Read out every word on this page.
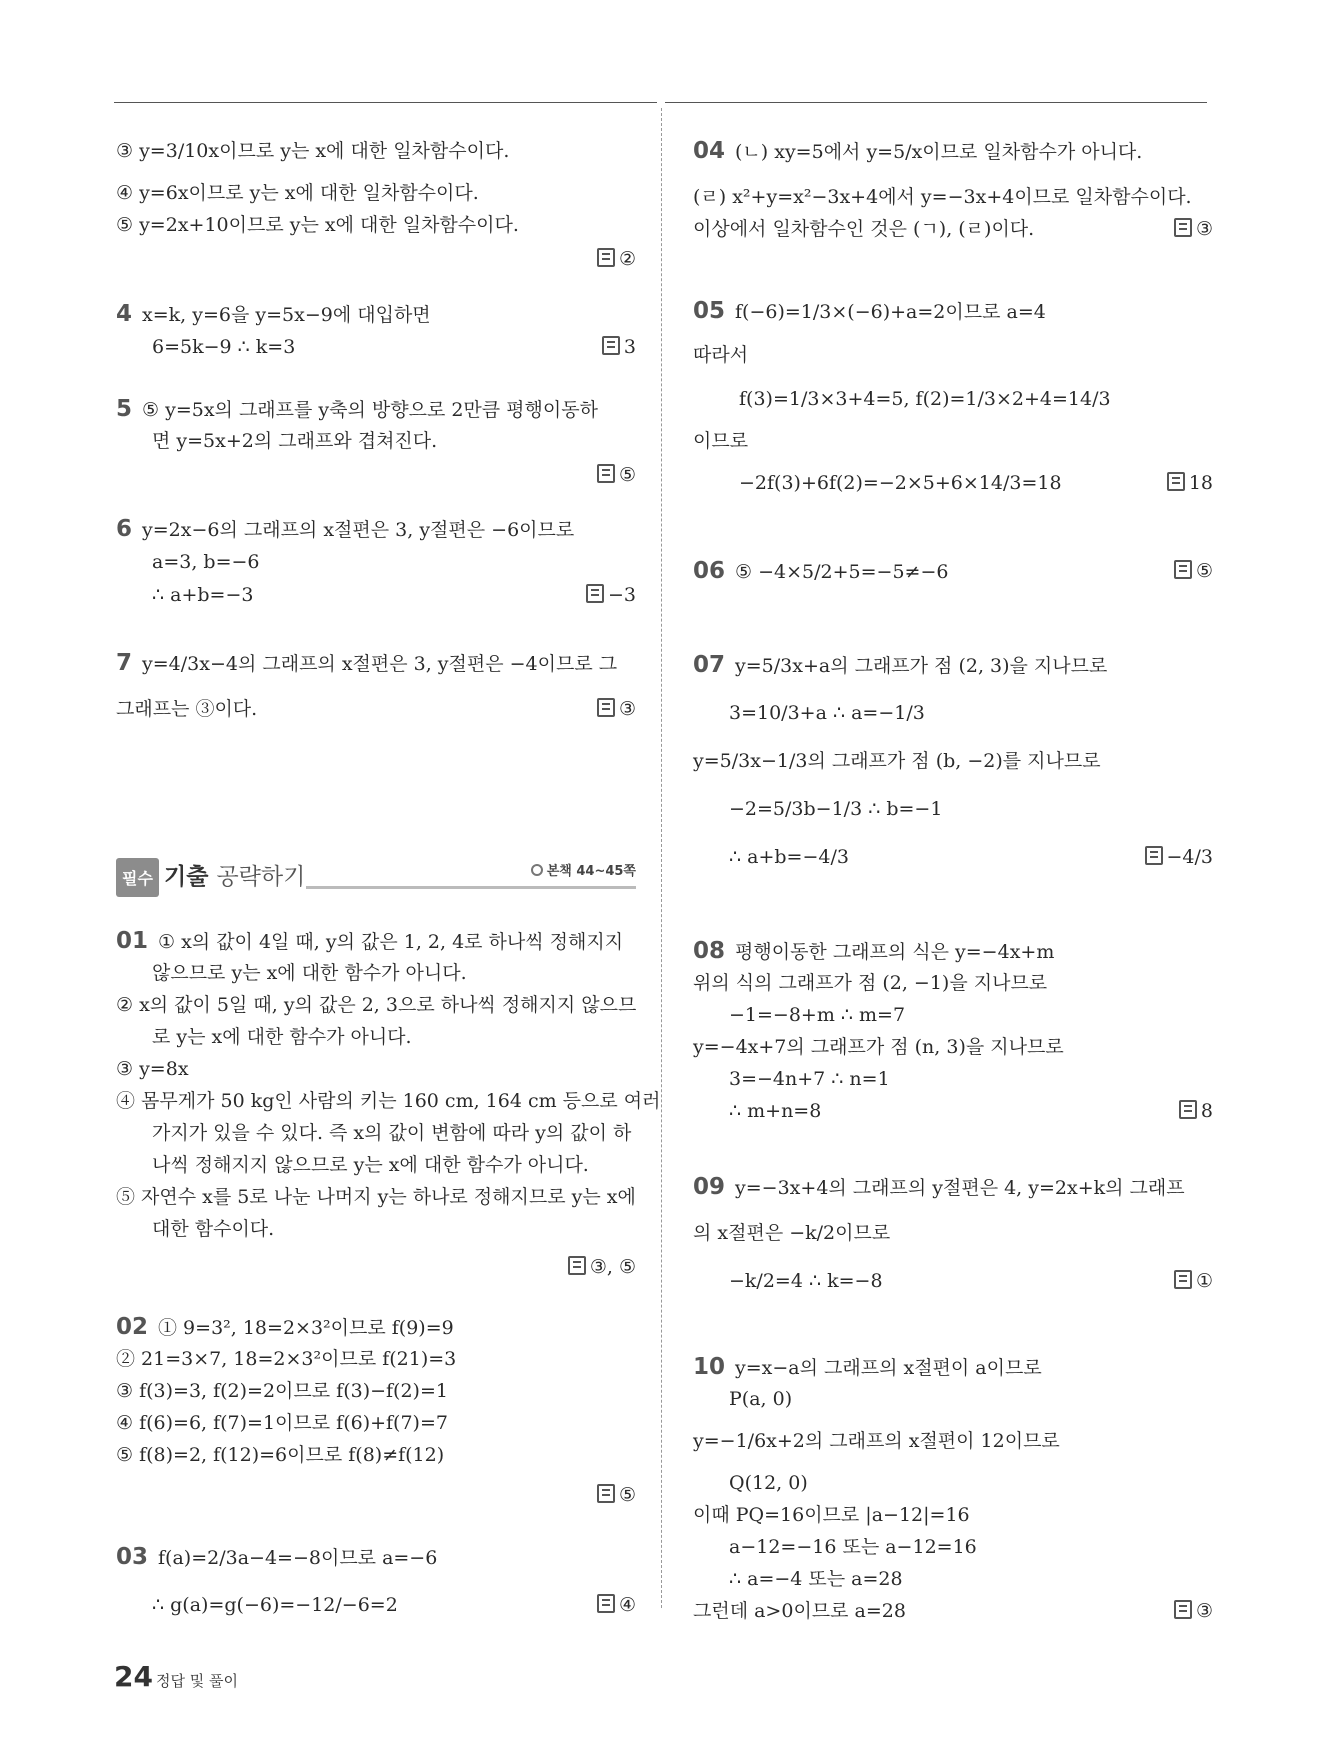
③ y=3/10x이므로 y는 x에 대한 일차함수이다.
④ y=6x이므로 y는 x에 대한 일차함수이다.
⑤ y=2x+10이므로 y는 x에 대한 일차함수이다.
②
4 x=k, y=6을 y=5x−9에 대입하면
6=5k−9 ∴ k=3	3
5 ⑤ y=5x의 그래프를 y축의 방향으로 2만큼 평행이동하
면 y=5x+2의 그래프와 겹쳐진다.
⑤
6 y=2x−6의 그래프의 x절편은 3, y절편은 −6이므로
a=3, b=−6
∴ a+b=−3	−3
7 y=4/3x−4의 그래프의 x절편은 3, y절편은 −4이므로 그
그래프는 ③이다.	③
필수 기출 공략하기	본책 44~45쪽
01 ① x의 값이 4일 때, y의 값은 1, 2, 4로 하나씩 정해지지
않으므로 y는 x에 대한 함수가 아니다.
② x의 값이 5일 때, y의 값은 2, 3으로 하나씩 정해지지 않으므
로 y는 x에 대한 함수가 아니다.
③ y=8x
④ 몸무게가 50 kg인 사람의 키는 160 cm, 164 cm 등으로 여러
가지가 있을 수 있다. 즉 x의 값이 변함에 따라 y의 값이 하
나씩 정해지지 않으므로 y는 x에 대한 함수가 아니다.
⑤ 자연수 x를 5로 나눈 나머지 y는 하나로 정해지므로 y는 x에
대한 함수이다.
③, ⑤
02 ① 9=3², 18=2×3²이므로 f(9)=9
② 21=3×7, 18=2×3²이므로 f(21)=3
③ f(3)=3, f(2)=2이므로 f(3)−f(2)=1
④ f(6)=6, f(7)=1이므로 f(6)+f(7)=7
⑤ f(8)=2, f(12)=6이므로 f(8)≠f(12)
⑤
03 f(a)=2/3a−4=−8이므로 a=−6
∴ g(a)=g(−6)=−12/−6=2	④
04 (ㄴ) xy=5에서 y=5/x이므로 일차함수가 아니다.
(ㄹ) x²+y=x²−3x+4에서 y=−3x+4이므로 일차함수이다.
이상에서 일차함수인 것은 (ㄱ), (ㄹ)이다.	③
05 f(−6)=1/3×(−6)+a=2이므로 a=4
따라서
f(3)=1/3×3+4=5, f(2)=1/3×2+4=14/3
이므로
−2f(3)+6f(2)=−2×5+6×14/3=18	18
06 ⑤ −4×5/2+5=−5≠−6	⑤
07 y=5/3x+a의 그래프가 점 (2, 3)을 지나므로
3=10/3+a ∴ a=−1/3
y=5/3x−1/3의 그래프가 점 (b, −2)를 지나므로
−2=5/3b−1/3 ∴ b=−1
∴ a+b=−4/3	−4/3
08 평행이동한 그래프의 식은 y=−4x+m
위의 식의 그래프가 점 (2, −1)을 지나므로
−1=−8+m ∴ m=7
y=−4x+7의 그래프가 점 (n, 3)을 지나므로
3=−4n+7 ∴ n=1
∴ m+n=8	8
09 y=−3x+4의 그래프의 y절편은 4, y=2x+k의 그래프
의 x절편은 −k/2이므로
−k/2=4 ∴ k=−8	①
10 y=x−a의 그래프의 x절편이 a이므로
P(a, 0)
y=−1/6x+2의 그래프의 x절편이 12이므로
Q(12, 0)
이때 PQ=16이므로 |a−12|=16
a−12=−16 또는 a−12=16
∴ a=−4 또는 a=28
그런데 a>0이므로 a=28	③
24 정답 및 풀이
